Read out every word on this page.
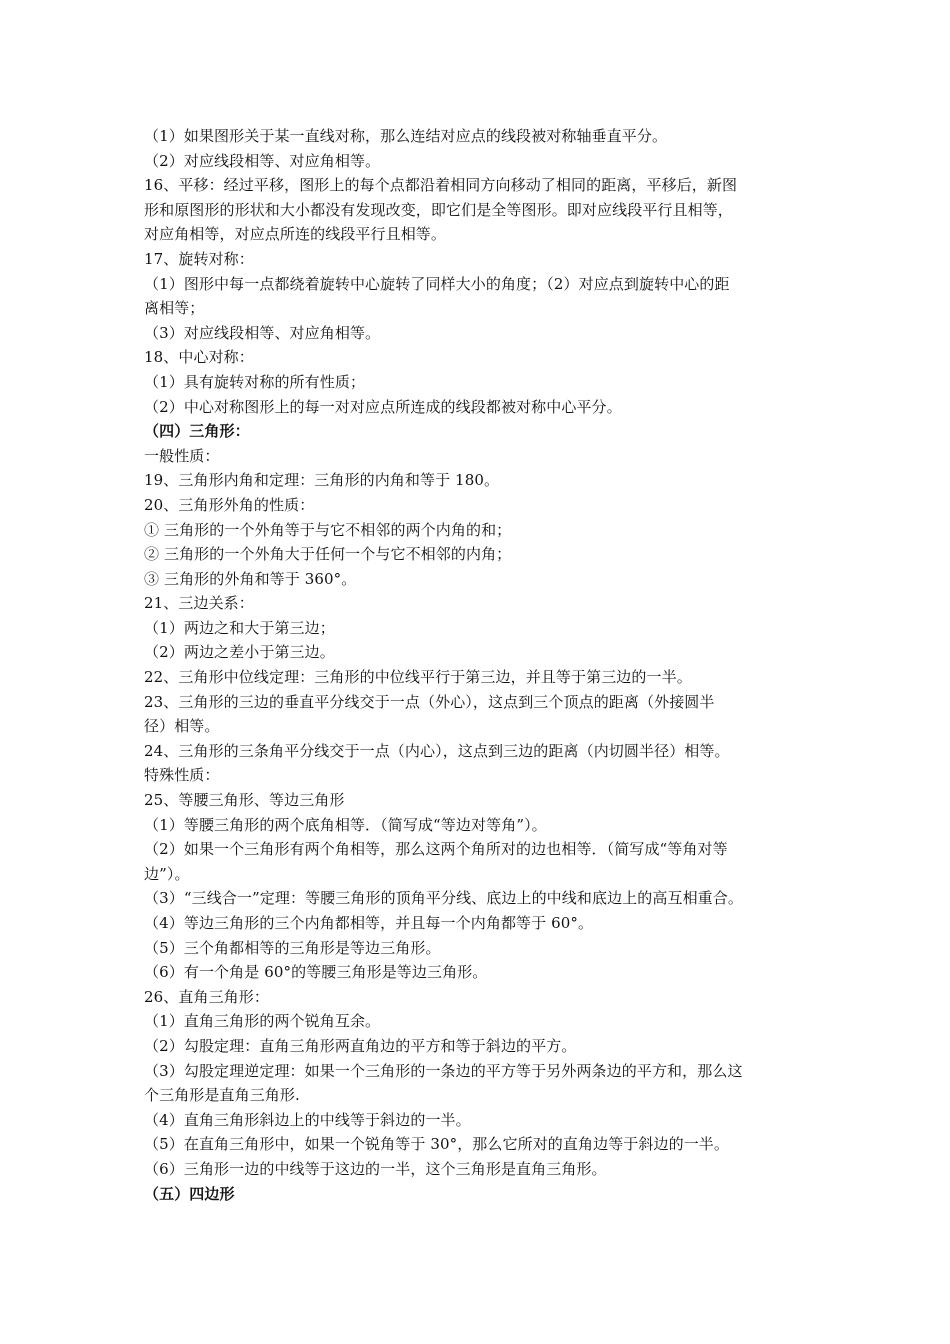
（1）如果图形关于某一直线对称，那么连结对应点的线段被对称轴垂直平分。
（2）对应线段相等、对应角相等。
16、平移：经过平移，图形上的每个点都沿着相同方向移动了相同的距离，平移后，新图
形和原图形的形状和大小都没有发现改变，即它们是全等图形。即对应线段平行且相等，
对应角相等，对应点所连的线段平行且相等。
17、旋转对称：
（1）图形中每一点都绕着旋转中心旋转了同样大小的角度；（2）对应点到旋转中心的距
离相等；
（3）对应线段相等、对应角相等。
18、中心对称：
（1）具有旋转对称的所有性质；
（2）中心对称图形上的每一对对应点所连成的线段都被对称中心平分。
（四）三角形：
一般性质：
19、三角形内角和定理：三角形的内角和等于 180。
20、三角形外角的性质：
① 三角形的一个外角等于与它不相邻的两个内角的和；
② 三角形的一个外角大于任何一个与它不相邻的内角；
③ 三角形的外角和等于 360°。
21、三边关系：
（1）两边之和大于第三边；
（2）两边之差小于第三边。
22、三角形中位线定理：三角形的中位线平行于第三边，并且等于第三边的一半。
23、三角形的三边的垂直平分线交于一点（外心），这点到三个顶点的距离（外接圆半
径）相等。
24、三角形的三条角平分线交于一点（内心），这点到三边的距离（内切圆半径）相等。
特殊性质：
25、等腰三角形、等边三角形
（1）等腰三角形的两个底角相等．（简写成“等边对等角”）。
（2）如果一个三角形有两个角相等，那么这两个角所对的边也相等．（简写成“等角对等
边”）。
（3）“三线合一”定理：等腰三角形的顶角平分线、底边上的中线和底边上的高互相重合。
（4）等边三角形的三个内角都相等，并且每一个内角都等于 60°。
（5）三个角都相等的三角形是等边三角形。
（6）有一个角是 60°的等腰三角形是等边三角形。
26、直角三角形：
（1）直角三角形的两个锐角互余。
（2）勾股定理：直角三角形两直角边的平方和等于斜边的平方。
（3）勾股定理逆定理：如果一个三角形的一条边的平方等于另外两条边的平方和，那么这
个三角形是直角三角形.
（4）直角三角形斜边上的中线等于斜边的一半。
（5）在直角三角形中，如果一个锐角等于 30°，那么它所对的直角边等于斜边的一半。
（6）三角形一边的中线等于这边的一半，这个三角形是直角三角形。
（五）四边形
